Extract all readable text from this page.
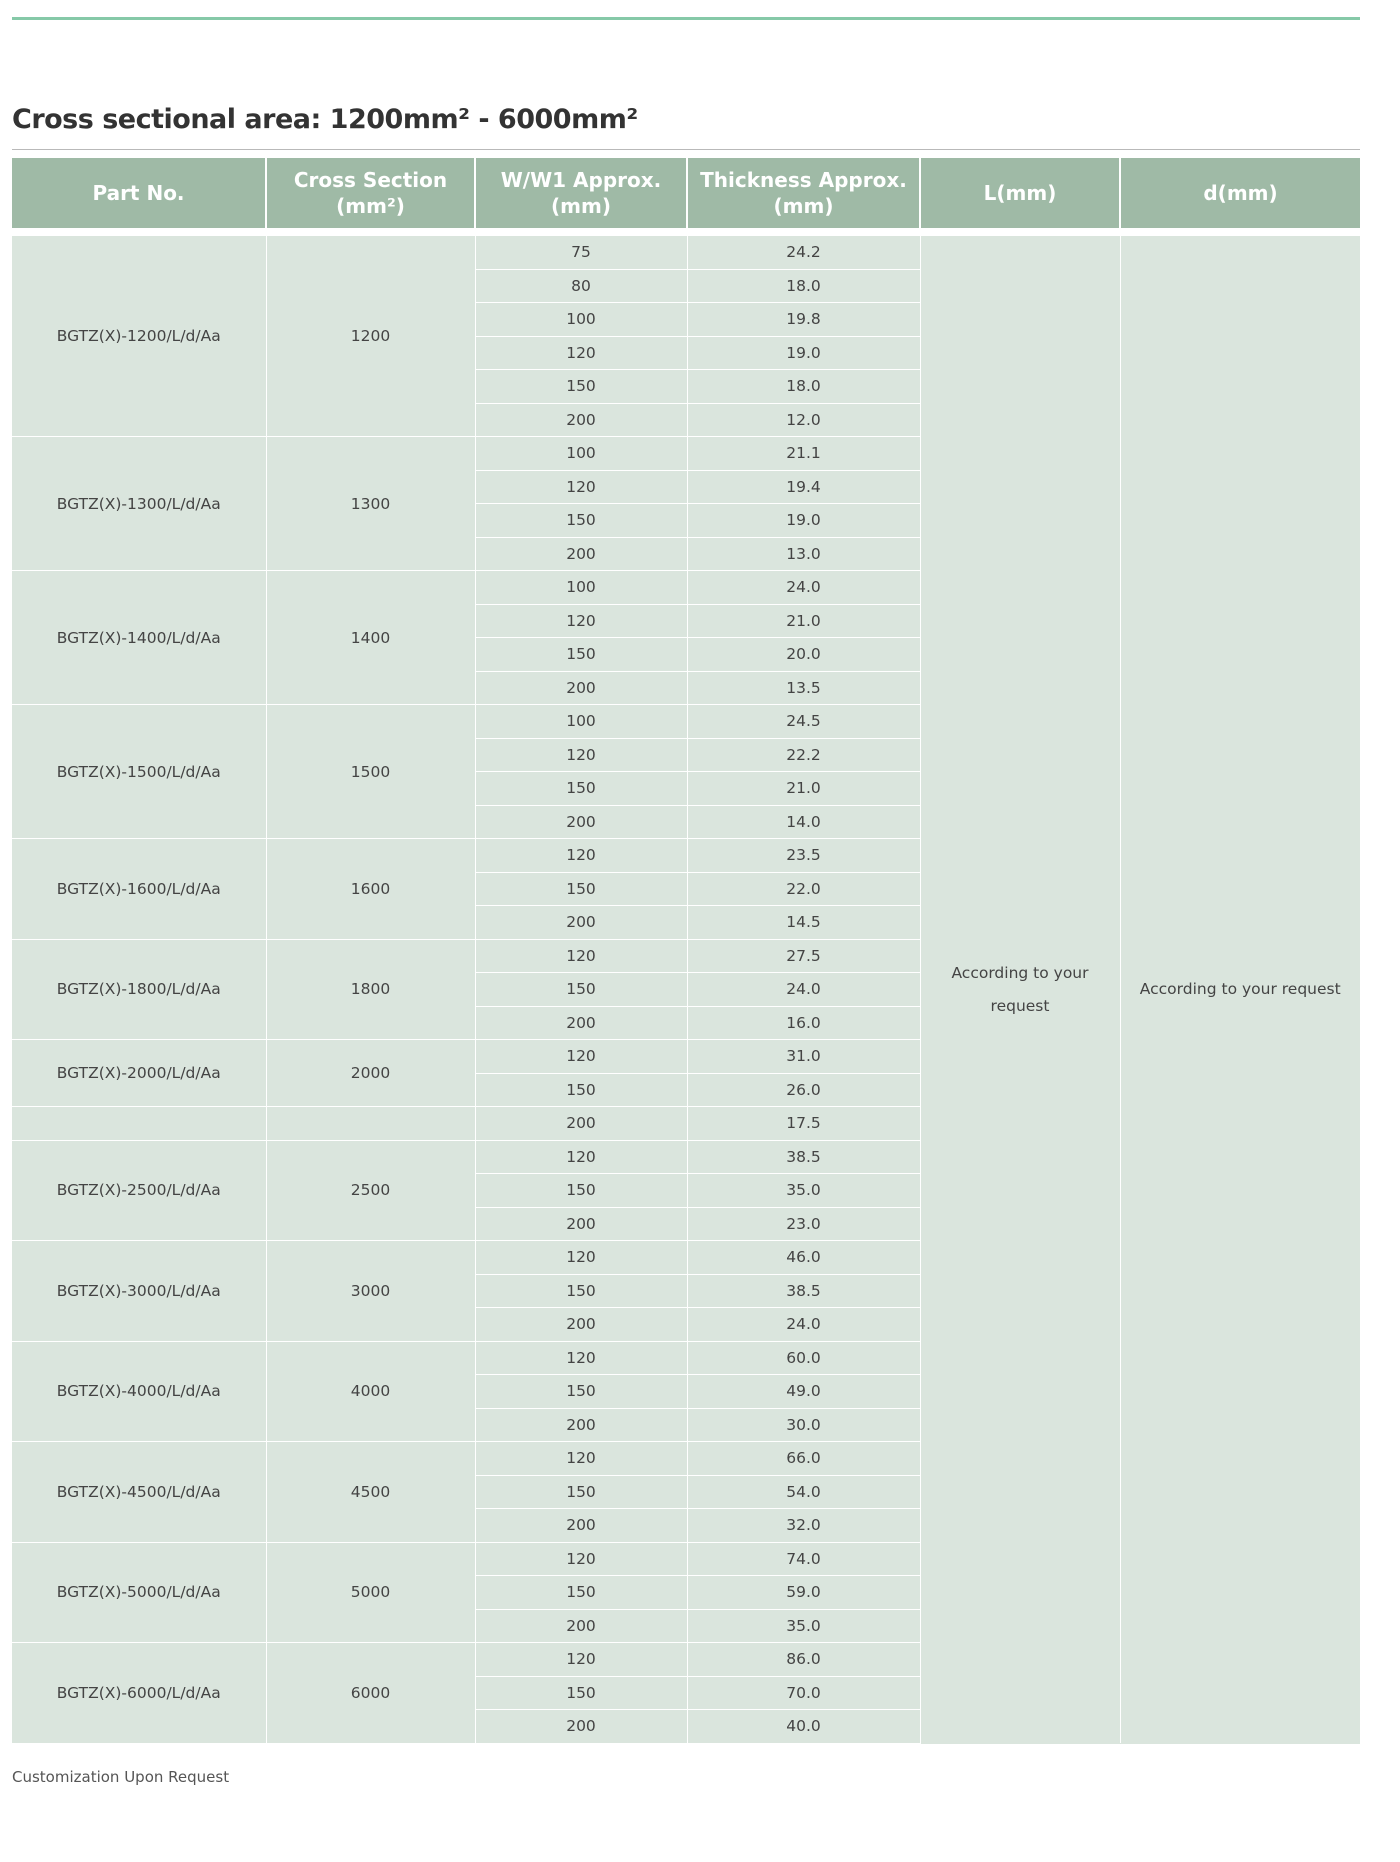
Cross sectional area: 1200mm² - 6000mm²
Part No.	Cross Section (mm²)	W/W1 Approx. (mm)	Thickness Approx. (mm)	L(mm)	d(mm)
BGTZ(X)-1200/L/d/Aa	1200	75	24.2	According to your request	According to your request
		80	18.0		
		100	19.8		
		120	19.0		
		150	18.0		
		200	12.0		
BGTZ(X)-1300/L/d/Aa	1300	100	21.1		
		120	19.4		
		150	19.0		
		200	13.0		
BGTZ(X)-1400/L/d/Aa	1400	100	24.0		
		120	21.0		
		150	20.0		
		200	13.5		
BGTZ(X)-1500/L/d/Aa	1500	100	24.5		
		120	22.2		
		150	21.0		
		200	14.0		
BGTZ(X)-1600/L/d/Aa	1600	120	23.5		
		150	22.0		
		200	14.5		
BGTZ(X)-1800/L/d/Aa	1800	120	27.5		
		150	24.0		
		200	16.0		
BGTZ(X)-2000/L/d/Aa	2000	120	31.0		
		150	26.0		
		200	17.5		
BGTZ(X)-2500/L/d/Aa	2500	120	38.5		
		150	35.0		
		200	23.0		
BGTZ(X)-3000/L/d/Aa	3000	120	46.0		
		150	38.5		
		200	24.0		
BGTZ(X)-4000/L/d/Aa	4000	120	60.0		
		150	49.0		
		200	30.0		
BGTZ(X)-4500/L/d/Aa	4500	120	66.0		
		150	54.0		
		200	32.0		
BGTZ(X)-5000/L/d/Aa	5000	120	74.0		
		150	59.0		
		200	35.0		
BGTZ(X)-6000/L/d/Aa	6000	120	86.0		
		150	70.0		
		200	40.0		
Customization Upon Request
